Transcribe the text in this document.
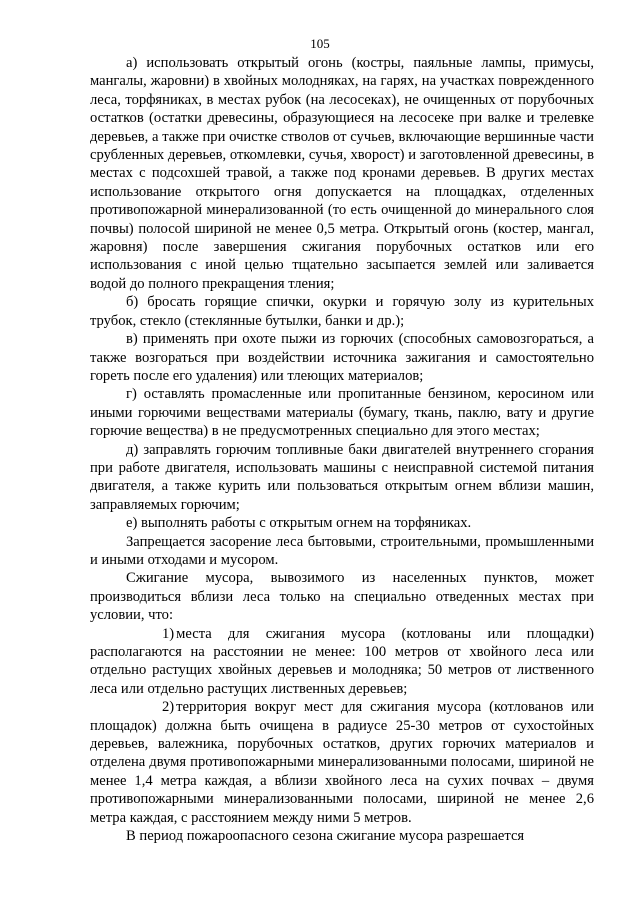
105

а) использовать открытый огонь (костры, паяльные лампы, примусы, мангалы, жаровни) в хвойных молодняках, на гарях, на участках поврежденного леса, торфяниках, в местах рубок (на лесосеках), не очищенных от порубочных остатков (остатки древесины, образующиеся на лесосеке при валке и трелевке деревьев, а также при очистке стволов от сучьев, включающие вершинные части срубленных деревьев, откомлевки, сучья, хворост) и заготовленной древесины, в местах с подсохшей травой, а также под кронами деревьев. В других местах использование открытого огня допускается на площадках, отделенных противопожарной минерализованной (то есть очищенной до минерального слоя почвы) полосой шириной не менее 0,5 метра. Открытый огонь (костер, мангал, жаровня) после завершения сжигания порубочных остатков или его использования с иной целью тщательно засыпается землей или заливается водой до полного прекращения тления;

б) бросать горящие спички, окурки и горячую золу из курительных трубок, стекло (стеклянные бутылки, банки и др.);

в) применять при охоте пыжи из горючих (способных самовозгораться, а также возгораться при воздействии источника зажигания и самостоятельно гореть после его удаления) или тлеющих материалов;

г) оставлять промасленные или пропитанные бензином, керосином или иными горючими веществами материалы (бумагу, ткань, паклю, вату и другие горючие вещества) в не предусмотренных специально для этого местах;

д) заправлять горючим топливные баки двигателей внутреннего сгорания при работе двигателя, использовать машины с неисправной системой питания двигателя, а также курить или пользоваться открытым огнем вблизи машин, заправляемых горючим;

е) выполнять работы с открытым огнем на торфяниках.

Запрещается засорение леса бытовыми, строительными, промышленными и иными отходами и мусором.

Сжигание мусора, вывозимого из населенных пунктов, может производиться вблизи леса только на специально отведенных местах при условии, что:

1) места для сжигания мусора (котлованы или площадки) располагаются на расстоянии не менее: 100 метров от хвойного леса или отдельно растущих хвойных деревьев и молодняка; 50 метров от лиственного леса или отдельно растущих лиственных деревьев;

2) территория вокруг мест для сжигания мусора (котлованов или площадок) должна быть очищена в радиусе 25-30 метров от сухостойных деревьев, валежника, порубочных остатков, других горючих материалов и отделена двумя противопожарными минерализованными полосами, шириной не менее 1,4 метра каждая, а вблизи хвойного леса на сухих почвах – двумя противопожарными минерализованными полосами, шириной не менее 2,6 метра каждая, с расстоянием между ними 5 метров.

В период пожароопасного сезона сжигание мусора разрешается
